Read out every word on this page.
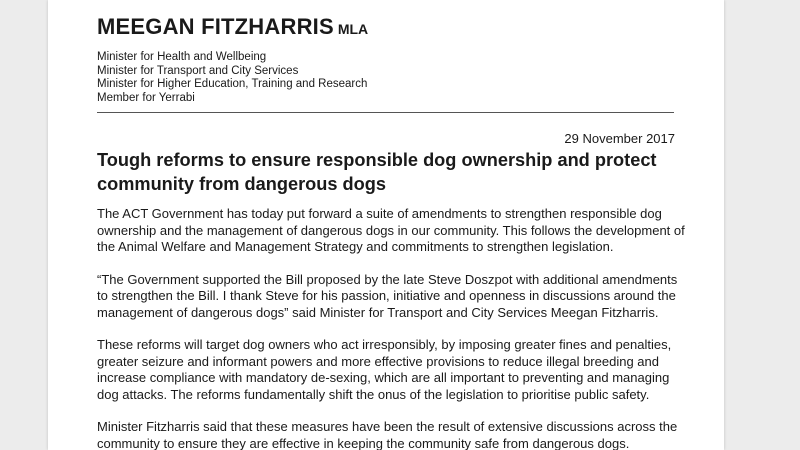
MEEGAN FITZHARRIS MLA
Minister for Health and Wellbeing
Minister for Transport and City Services
Minister for Higher Education, Training and Research
Member for Yerrabi
29 November 2017
Tough reforms to ensure responsible dog ownership and protect community from dangerous dogs

The ACT Government has today put forward a suite of amendments to strengthen responsible dog ownership and the management of dangerous dogs in our community. This follows the development of the Animal Welfare and Management Strategy and commitments to strengthen legislation.

“The Government supported the Bill proposed by the late Steve Doszpot with additional amendments to strengthen the Bill. I thank Steve for his passion, initiative and openness in discussions around the management of dangerous dogs” said Minister for Transport and City Services Meegan Fitzharris.

These reforms will target dog owners who act irresponsibly, by imposing greater fines and penalties, greater seizure and informant powers and more effective provisions to reduce illegal breeding and increase compliance with mandatory de-sexing, which are all important to preventing and managing dog attacks. The reforms fundamentally shift the onus of the legislation to prioritise public safety.

Minister Fitzharris said that these measures have been the result of extensive discussions across the community to ensure they are effective in keeping the community safe from dangerous dogs.
